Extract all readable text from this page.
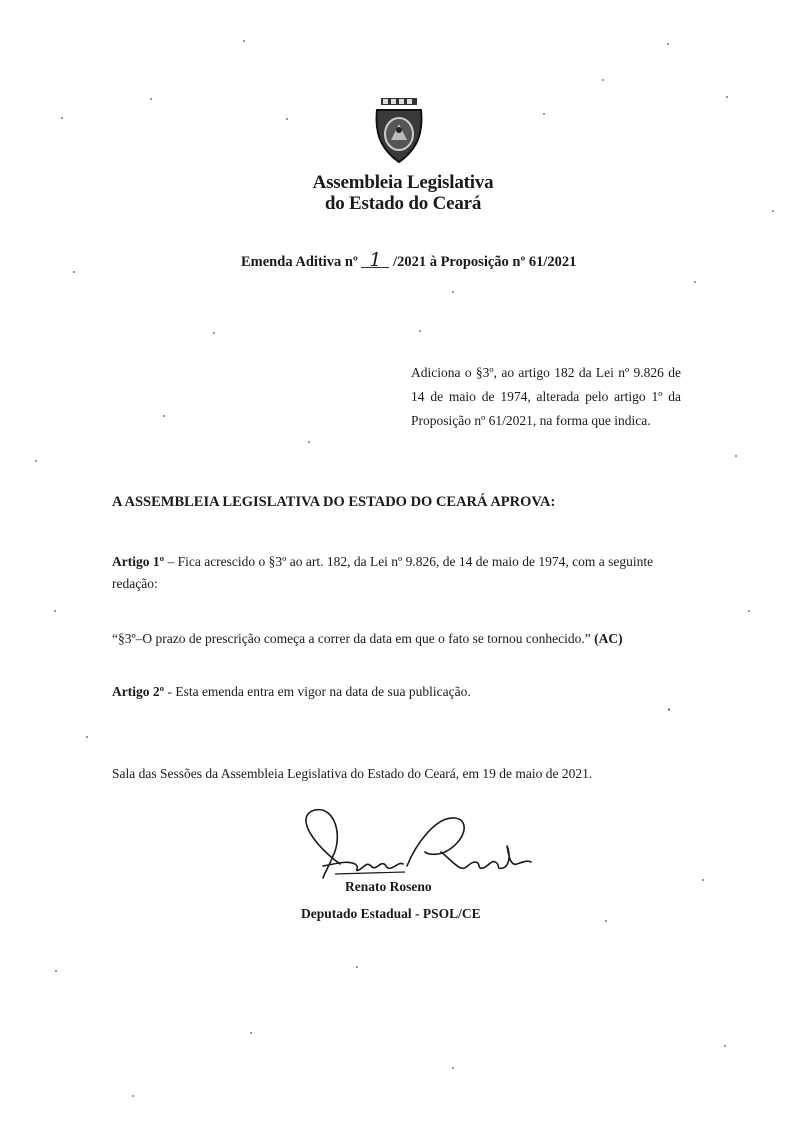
Assembleia Legislativa
do Estado do Ceará
Emenda Aditiva nº 1 /2021 à Proposição nº 61/2021
Adiciona o §3º, ao artigo 182 da Lei nº 9.826 de 14 de maio de 1974, alterada pelo artigo 1º da Proposição nº 61/2021, na forma que indica.
A ASSEMBLEIA LEGISLATIVA DO ESTADO DO CEARÁ APROVA:
Artigo 1º – Fica acrescido o §3º ao art. 182, da Lei nº 9.826, de 14 de maio de 1974, com a seguinte redação:
“§3º–O prazo de prescrição começa a correr da data em que o fato se tornou conhecido.” (AC)
Artigo 2º - Esta emenda entra em vigor na data de sua publicação.
Sala das Sessões da Assembleia Legislativa do Estado do Ceará, em 19 de maio de 2021.
Renato Roseno
Deputado Estadual - PSOL/CE
